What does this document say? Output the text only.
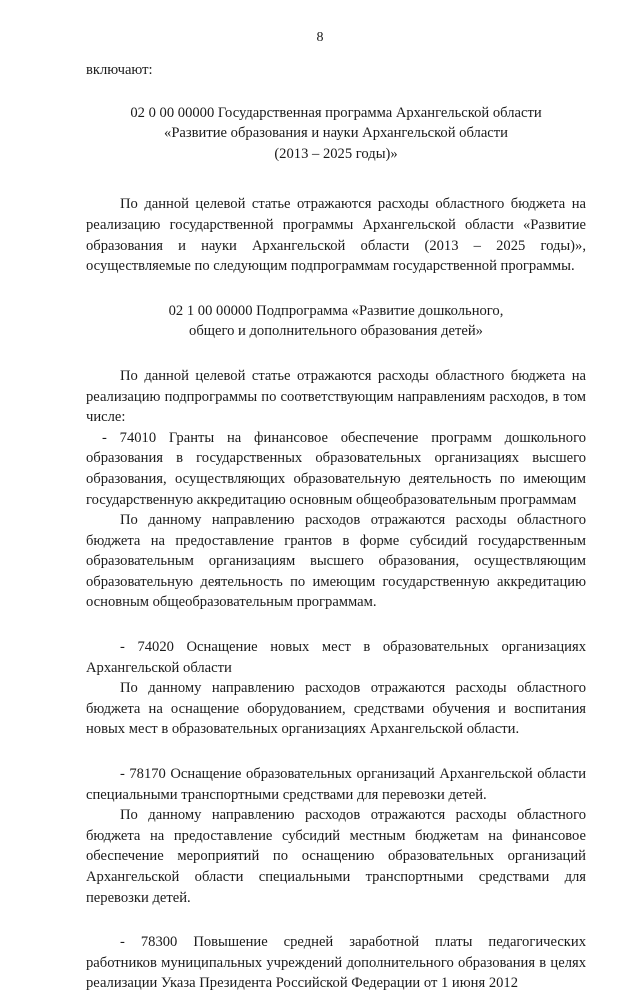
8

включают:

02 0 00 00000 Государственная программа Архангельской области

«Развитие образования и науки Архангельской области

(2013 – 2025 годы)»

По данной целевой статье отражаются расходы областного бюджета на реализацию государственной программы Архангельской области «Развитие образования и науки Архангельской области (2013 – 2025 годы)», осуществляемые по следующим подпрограммам государственной программы.

02 1 00 00000 Подпрограмма «Развитие дошкольного,

общего и дополнительного образования детей»

По данной целевой статье отражаются расходы областного бюджета на реализацию подпрограммы по соответствующим направлениям расходов, в том числе:

- 74010 Гранты на финансовое обеспечение программ дошкольного образования в государственных образовательных организациях высшего образования, осуществляющих образовательную деятельность по имеющим государственную аккредитацию основным общеобразовательным программам

По данному направлению расходов отражаются расходы областного бюджета на предоставление грантов в форме субсидий государственным образовательным организациям высшего образования, осуществляющим образовательную деятельность по имеющим государственную аккредитацию основным общеобразовательным программам.

- 74020 Оснащение новых мест в образовательных организациях Архангельской области

По данному направлению расходов отражаются расходы областного бюджета на оснащение оборудованием, средствами обучения и воспитания новых мест в образовательных организациях Архангельской области.

- 78170 Оснащение образовательных организаций Архангельской области специальными транспортными средствами для перевозки детей.

По данному направлению расходов отражаются расходы областного бюджета на предоставление субсидий местным бюджетам на финансовое обеспечение мероприятий по оснащению образовательных организаций Архангельской области специальными транспортными средствами для перевозки детей.

- 78300 Повышение средней заработной платы педагогических работников муниципальных учреждений дополнительного образования в целях реализации Указа Президента Российской Федерации от 1 июня 2012
